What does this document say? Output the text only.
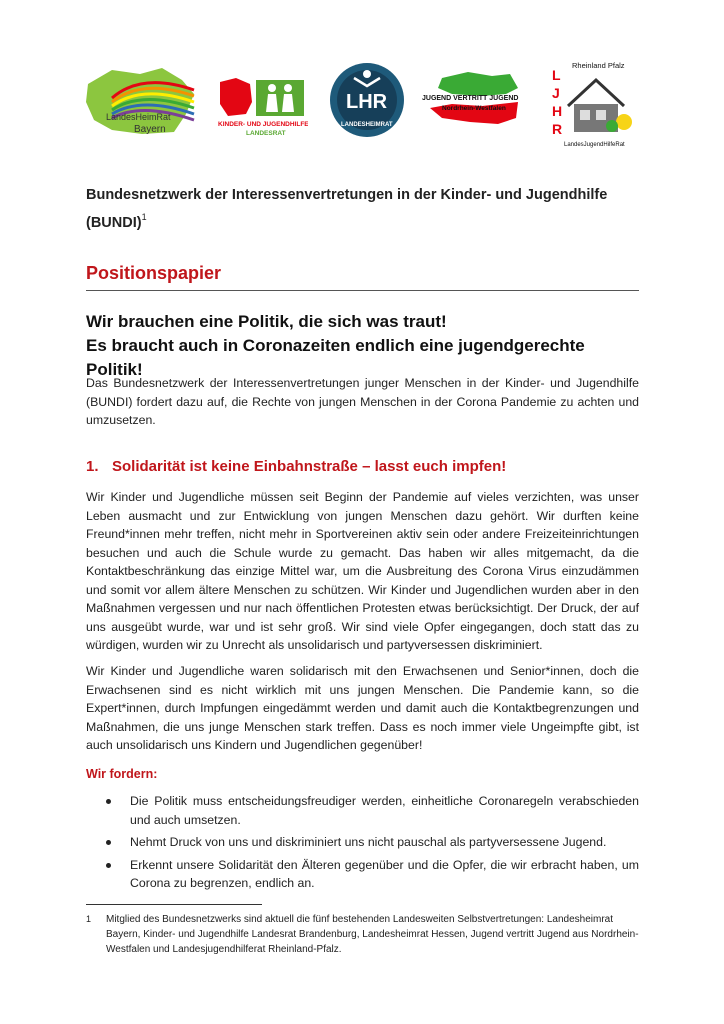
LandesHeimRat
Bayern	KINDER- UND JUGENDHILFE
LANDESRAT
LHR
LANDESHEIMRAT
JUGEND VERTRITT JUGEND
Nordrhein-Westfalen
Rheinland Pfalz
L
J
H
R
LandesJugendHilfeRat
Bundesnetzwerk der Interessenvertretungen in der Kinder- und Jugendhilfe (BUNDI)$^1$
Positionspapier
Wir brauchen eine Politik, die sich was traut!
Es braucht auch in Coronazeiten endlich eine jugendgerechte Politik!

Das Bundesnetzwerk der Interessenvertretungen junger Menschen in der Kinder- und Jugendhilfe (BUNDI) fordert dazu auf, die Rechte von jungen Menschen in der Corona Pandemie zu achten und umzusetzen.

1. Solidarität ist keine Einbahnstraße – lasst euch impfen!

Wir Kinder und Jugendliche müssen seit Beginn der Pandemie auf vieles verzichten, was unser Leben ausmacht und zur Entwicklung von jungen Menschen dazu gehört. Wir durften keine Freund*innen mehr treffen, nicht mehr in Sportvereinen aktiv sein oder andere Freizeiteinrichtungen besuchen und auch die Schule wurde zu gemacht. Das haben wir alles mitgemacht, da die Kontaktbeschränkung das einzige Mittel war, um die Ausbreitung des Corona Virus einzudämmen und somit vor allem ältere Menschen zu schützen. Wir Kinder und Jugendlichen wurden aber in den Maßnahmen vergessen und nur nach öffentlichen Protesten etwas berücksichtigt. Der Druck, der auf uns ausgeübt wurde, war und ist sehr groß. Wir sind viele Opfer eingegangen, doch statt das zu würdigen, wurden wir zu Unrecht als unsolidarisch und partyversessen diskriminiert.

Wir Kinder und Jugendliche waren solidarisch mit den Erwachsenen und Senior*innen, doch die Erwachsenen sind es nicht wirklich mit uns jungen Menschen. Die Pandemie kann, so die Expert*innen, durch Impfungen eingedämmt werden und damit auch die Kontaktbegrenzungen und Maßnahmen, die uns junge Menschen stark treffen. Dass es noch immer viele Ungeimpfte gibt, ist auch unsolidarisch uns Kindern und Jugendlichen gegenüber!

Wir fordern:
Die Politik muss entscheidungsfreudiger werden, einheitliche Coronaregeln verabschieden und auch umsetzen.
Nehmt Druck von uns und diskriminiert uns nicht pauschal als partyversessene Jugend.
Erkennt unsere Solidarität den Älteren gegenüber und die Opfer, die wir erbracht haben, um Corona zu begrenzen, endlich an.
1	Mitglied des Bundesnetzwerks sind aktuell die fünf bestehenden Landesweiten Selbstvertretungen: Landesheimrat Bayern, Kinder- und Jugendhilfe Landesrat Brandenburg, Landesheimrat Hessen, Jugend vertritt Jugend aus Nordrhein-Westfalen und Landesjugendhilferat Rheinland-Pfalz.
